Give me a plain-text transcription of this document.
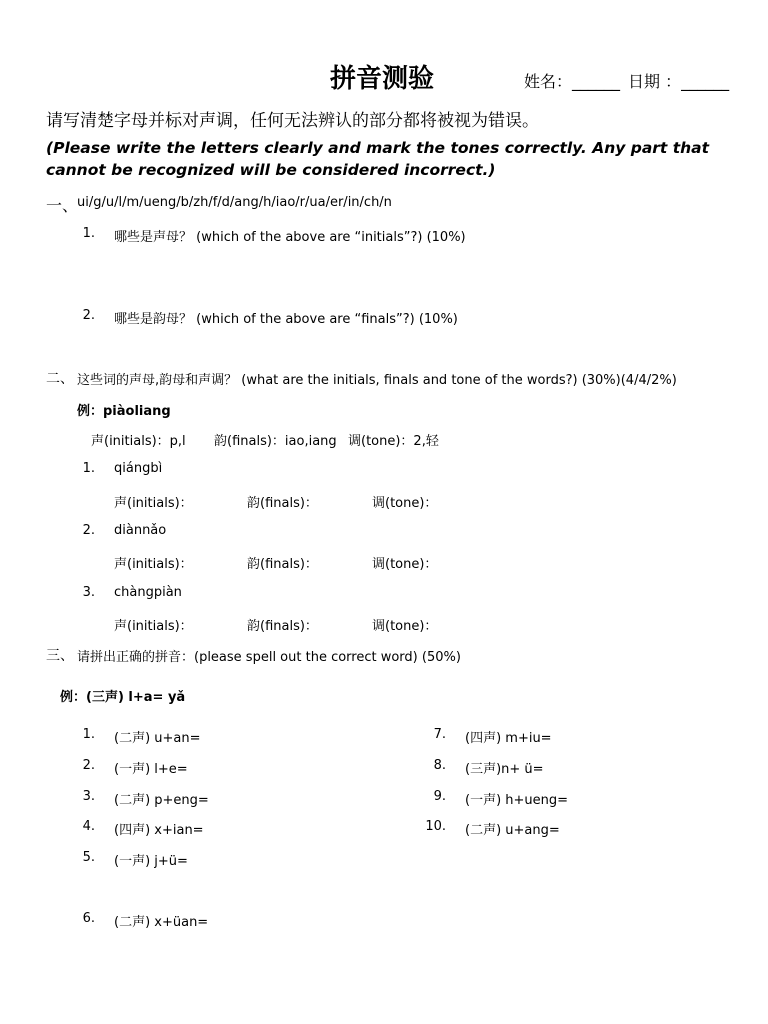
拼音测验	姓名：______ 日期 ：______
请写清楚字母并标对声调，任何无法辨认的部分都将被视为错误。
(Please write the letters clearly and mark the tones correctly. Any part that cannot be recognized will be considered incorrect.)
一、
ui/g/u/l/m/ueng/b/zh/f/d/ang/h/iao/r/ua/er/in/ch/n
1. 哪些是声母？ (which of the above are “initials”?) (10%)
2. 哪些是韵母？ (which of the above are “finals”?) (10%)
二、 这些词的声母,韵母和声调？ (what are the initials, finals and tone of the words?) (30%)(4/4/2%)
例：piàoliang
声(initials)：p,l 韵(finals)：iao,iang 调(tone)：2,轻
1. qiángbì
声(initials)：	韵(finals)：	调(tone)：
2. diànnǎo
声(initials)：	韵(finals)：	调(tone)：
3. chàngpiàn
声(initials)：	韵(finals)：	调(tone)：
三、 请拼出正确的拼音：(please spell out the correct word) (50%)
例：(三声) l+a= yǎ
1. (二声) u+an=
2. (一声) l+e=
3. (二声) p+eng=
4. (四声) x+ian=
5. (一声) j+ü=
6. (二声) x+üan=
7. (四声) m+iu=
8. (三声)n+ ü=
9. (一声) h+ueng=
10. (二声) u+ang=
